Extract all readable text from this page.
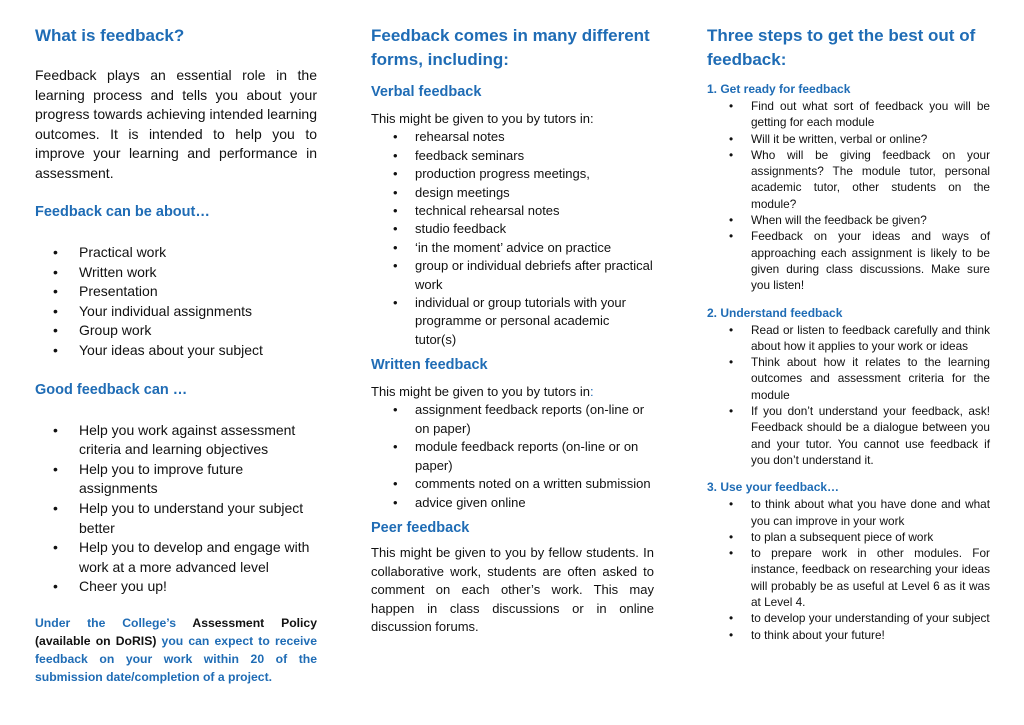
What is feedback?

Feedback plays an essential role in the learning process and tells you about your progress towards achieving intended learning outcomes. It is intended to help you to improve your learning and performance in assessment.

Feedback can be about…
• Practical work
• Written work
• Presentation
• Your individual assignments
• Group work
• Your ideas about your subject
Good feedback can …
• Help you work against assessment criteria and learning objectives
• Help you to improve future assignments
• Help you to understand your subject better
• Help you to develop and engage with work at a more advanced level
• Cheer you up!

Under the College’s Assessment Policy (available on DoRIS) you can expect to receive feedback on your work within 20 of the submission date/completion of a project.

Feedback comes in many different forms, including:
Verbal feedback

This might be given to you by tutors in:

• rehearsal notes
• feedback seminars
• production progress meetings,
• design meetings
• technical rehearsal notes
• studio feedback
• ‘in the moment’ advice on practice
• group or individual debriefs after practical work
• individual or group tutorials with your programme or personal academic tutor(s)
Written feedback

This might be given to you by tutors in:

• assignment feedback reports (on-line or on paper)
• module feedback reports (on-line or on paper)
• comments noted on a written submission
• advice given online
Peer feedback

This might be given to you by fellow students. In collaborative work, students are often asked to comment on each other’s work. This may happen in class discussions or in online discussion forums.

Three steps to get the best out of feedback:
1. Get ready for feedback
• Find out what sort of feedback you will be getting for each module
• Will it be written, verbal or online?
• Who will be giving feedback on your assignments? The module tutor, personal academic tutor, other students on the module?
• When will the feedback be given?
• Feedback on your ideas and ways of approaching each assignment is likely to be given during class discussions. Make sure you listen!
2. Understand feedback
• Read or listen to feedback carefully and think about how it applies to your work or ideas
• Think about how it relates to the learning outcomes and assessment criteria for the module
• If you don’t understand your feedback, ask! Feedback should be a dialogue between you and your tutor. You cannot use feedback if you don’t understand it.
3. Use your feedback…
• to think about what you have done and what you can improve in your work
• to plan a subsequent piece of work
• to prepare work in other modules. For instance, feedback on researching your ideas will probably be as useful at Level 6 as it was at Level 4.
• to develop your understanding of your subject
• to think about your future!
